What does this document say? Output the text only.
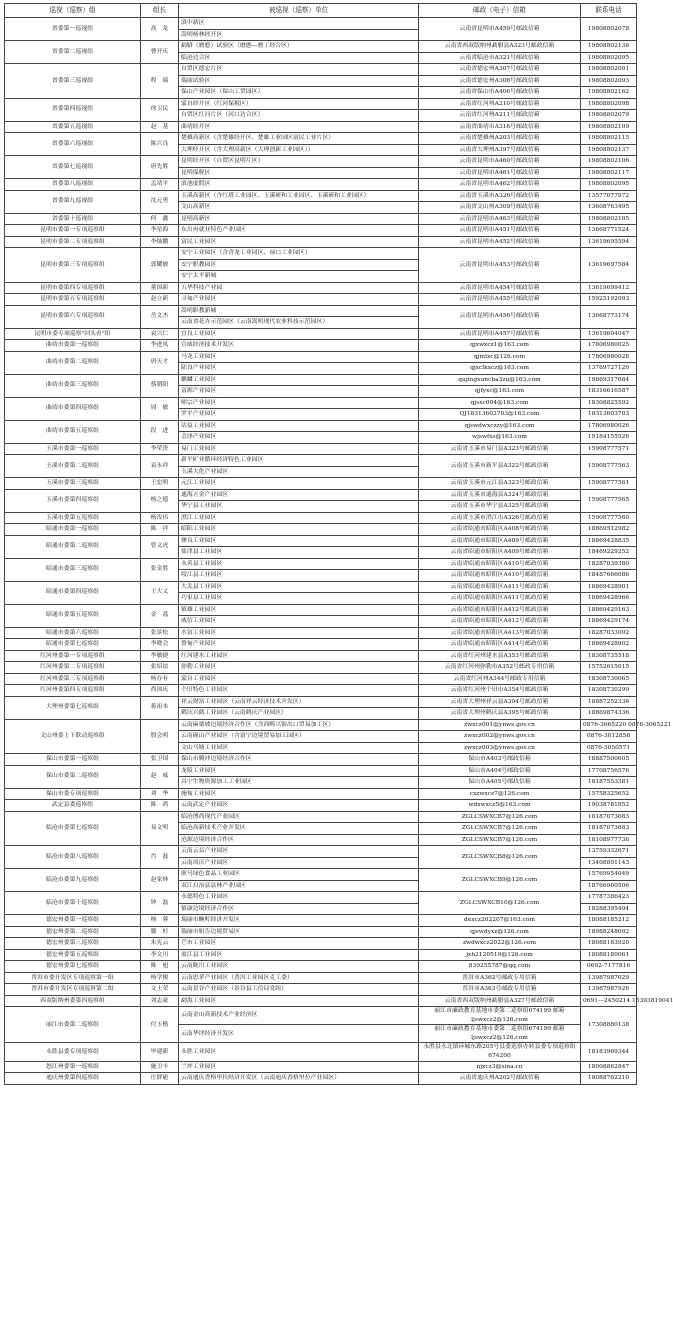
巡视（巡察）组	组长	被巡视（巡察）单位	邮政（电子）信箱	联系电话
省委第一巡视组	高　龙	滇中新区	云南省昆明市A459号邮政信箱	19808802078
		嵩明杨林经开区		
省委第二巡视组	曹开庆	勐腊（磨憨）试验区（磨憨—磨丁经合区）	云南省西双版纳州勐腊县A323号邮政信箱	19808802138
		临沧边合区	云南省临沧市A321号邮政信箱	19808802095
省委第三巡视组	程　瑞	自贸区德宏片区	云南省德宏州A307号邮政信箱	19808802091
		瑞丽试验区	云南省德宏州A308号邮政信箱	19808802093
		保山产业园区（保山工贸园区）	云南省保山市A406号邮政信箱	19808802162
省委第四巡视组	徐卫民	蒙自经开区（红河保税区）	云南省红河州A210号邮政信箱	19808802098
		自贸区红河片区（河口边合区）	云南省红河州A211号邮政信箱	19808802079
省委第五巡视组	赵　基	曲靖经开区	云南省曲靖市A316号邮政信箱	19808802109
省委第六巡视组	陈兴良	楚雄高新区（含楚雄经开区、楚雄工业园区富民工业片区）	云南省楚雄州A203号邮政信箱	19808802115
		大理经开区（含大理高新区（大理创新工业园区））	云南省大理州A397号邮政信箱	19808802137
省委第七巡视组	唐先胜	昆明经开区（自贸区昆明片区）	云南省昆明市A460号邮政信箱	19808802106
		昆明保税区	云南省昆明市A461号邮政信箱	19808802117
省委第八巡视组	孟靖平	滇池度假区	云南省昆明市A462号邮政信箱	19808802095
省委第九巡视组	沈元勇	玉溪高新区（含红塔工业园区、玉溪研和工业园区、玉溪研和工业园区）	云南省玉溪市A326号邮政信箱	13577077972
		文山高新区	云南省文山州A309号邮政信箱	13608763495
省委第十巡视组	何　鑫	昆明高新区	云南省昆明市A463号邮政信箱	19808802105
昆明市委第一专项巡察组	李星海	东川再就业特色产业园区	云南省昆明市A451号邮政信箱	13668771524
昆明市委第二专项巡察组	李灿鹏	富民工业园区	云南省昆明市A452号邮政信箱	13619695594
昆明市委第三专项巡察组	郭耀敏	安宁工业园区（含青龙工业园区、禄口工业园区）	云南省昆明市A453号邮政信箱	13619697584
		安宁职教园区		
		安宁太平新城		
昆明市委第四专项巡察组	董国新	五华科技产业园	云南省昆明市A454号邮政信箱	13619699412
昆明市委第五专项巡察组	赵立新	寻甸产业园区	云南省昆明市A455号邮政信箱	15925192093
昆明市委第六专项巡察组	岳文杰	嵩明职教新城	云南省昆明市A456号邮政信箱	13668773174
		云南省花卉示范园区（云南嵩明现代农业科技示范园区）		
昆明市委专项巡察"回头看"组	袁兴仁	宜良工业园区	云南省昆明市A457号邮政信箱	13619694047
曲靖市委第一巡察组	李进凤	宣威经济技术开发区	qjxwxcz1@163.com	17806980025
曲靖市委第二巡察组	唐天才	马龙工业园区	qjmlxc@126.com	17806980028
		陆良产业园区	qjxclkxcz@163.com	13769727120
曲靖市委第三巡察组	蔡朝阳	麒麟工业园区	qujingxuncha3zu@163.com	19869317684
		富源产业园区	qjfyxc@163.com	18316616587
曲靖市委第四巡察组	周　敏	师宗产业园区	qjsxc004@163.com	18308825592
		罗平产业园区	QJ18313603703@163.com	18313603703
曲靖市委第五巡察组	段　进	沾益工业园区	qjswdwxczzy@163.com	17806980026
		会泽产业园区	wjswfxs@163.com	19184155526
玉溪市委第一巡察组	李荣贵	易门工业园区	云南省玉溪市易门县A323号邮政信箱	15908777571
玉溪市委第二巡察组	袁永祥	新平矿业循环经济特色工业园区	云南省玉溪市新平县A322号邮政信箱	15908777563
		玉溪大化产业园区		
玉溪市委第三巡察组	王宏明	元江工业园区	云南省玉溪市元江县A323号邮政信箱	15908777561
玉溪市委第四巡察组	杨之德	通海五金产业园区	云南省玉溪市通海县A324号邮政信箱	15908777565
		华宁县工业园区	云南省玉溪市华宁县A325号邮政信箱	
玉溪市委第五巡察组	杨汝伟	澄江工业园区	云南省玉溪市澄江市A326号邮政信箱	15908777560
昭通市委第一巡察组	陈　祥	昭阳工业园区	云南省昭通市昭阳区A408号邮政信箱	18869512982
昭通市委第二巡察组	曾义虎	彝良工业园区	云南省昭通市昭阳区A409号邮政信箱	18869428835
		盐津县工业园区	云南省昭通市昭阳区A409号邮政信箱	18469229252
昭通市委第三巡察组	张金胜	永善县工业园区	云南省昭通市昭阳区A410号邮政信箱	18287039380
		绥江县工业园区	云南省昭通市昭阳区A410号邮政信箱	18487666086
昭通市委第四巡察组	王大义	大关县工业园区	云南省昭通市昭阳区A411号邮政信箱	18869428901
		巧家县工业园区	云南省昭通市昭阳区A411号邮政信箱	18869428966
昭通市委第五巡察组	金　荔	镇雄工业园区	云南省昭通市昭阳区A412号邮政信箱	18869429163
		威信工业园区	云南省昭通市昭阳区A412号邮政信箱	18869429174
昭通市委第六巡察组	张景松	水富工业园区	云南省昭通市昭阳区A413号邮政信箱	18287033092
昭通市委第七巡察组	李晓会	鲁甸产业园区	云南省昭通市昭阳区A414号邮政信箱	18869428902
红河州委第一专项巡察组	李敏捷	红河建水工业园区	云南省红河州建水县A353号邮政信箱	18308735518
红河州委第二专项巡察组	张绍谊	弥勒工业园区	云南省红河州弥勒市A352号邮政专用信箱	15752615015
红河州委第三专项巡察组	杨存有	蒙自工业园区	云南省红河州A344号邮政专用信箱	18308730065
红河州委第四专项巡察组	尚国庆	个旧特色工业园区	云南省红河州个旧市A354号邮政信箱	18308730299
大理州委第七巡察组	蒋祖本	祥云财富工业园区（云南祥云经济技术开发区）	云南省大理州祥云县A394号邮政信箱	18887252336
		鹤庆兴鹤工业园区（云南鹤庆产业园区）	云南省大理州鹤庆县A395号邮政信箱	18869874336
文山州委上下联动巡察组	殷会明	云南麻栗坡边境经济合作区（含西畴兴街出口贸易加工区）	zwxcz001@ynws.gov.cn	0876-3065220 0876-3065221
		云南砚山产业园区（含富宁边境贸易加工园区）	zwxcz002@ynws.gov.cn	0876-3012858
		文山马塘工业园区	zwxcz003@ynws.gov.cn	0876-3050571
保山市委第一巡察组	张卫国	保山市腾冲边境经济合作区	保山市A403号邮政信箱	18887500605
保山市委第二巡察组	赵　威	龙陵工业园区	保山市A404号邮政信箱	17708756576
		昌宁生物资源加工工业园区	保山市A405号邮政信箱	18187553381
保山市委专项巡察组	刘　华	施甸工业园区	cxzwxcz7@126.com	15758325652
武定县委巡察组	陈　鸿	云南武定产业园区	wdxwxcz5@163.com	19038781852
临沧市委第七巡察组	易文明	临沧博尚现代产业园区	ZGLCSWXCB7@126.com	18187073683
		临沧高新技术产业开发区	ZGLCSWXCB7@126.com	18187073683
		沧源边境经济合作区	ZGLCSWXCB7@126.com	18108977736
临沧市委第八巡察组	肖　磊	云南云县产业园区	ZGLCSWXCB8@126.com	13759332671
		云南凤庆产业园区		13408891143
临沧市委第九巡察组	赵家林	耿马绿色食品工业园区	ZGLCSWXCB9@126.com	15769954049
		双江自治县县林产业园区		18766960506
临沧市委第十巡察组	钟　磊	永德特色工业园区	ZGLCSWXCB10@126.com	17787386423
		镇康边境经济合作区		18288395494
德宏州委第一巡察组	杨　蓉	瑞丽市畹町经济开发区	dexcz202207@163.com	18088185212
德宏州委第二巡察组	滕　杉	瑞丽市姐告边境贸易区	qjswdyxz@126.com	18988248092
德宏州委第三巡察组	朱宪云	芒市工业园区	zwdwxcz2022@126.com	18088163920
德宏州委第五巡察组	李文川	盈江县工业园区	jxh2120519@126.com	18088180061
德宏州委第七巡察组	陈　旭	云南陇川工业园区	839255787@qq.com	0692-7177816
普洱市委开发区专项巡察第一组	杨学俊	云南思茅产业园区（普洱工业园区克工委）	普洱市A362号邮政专用信箱	13987987029
普洱市委开发区专项巡察第二组	文上荣	云南景谷产业园区（景谷县工信局党组）	普洱市A363号邮政专用信箱	13987987926
西双版纳州委第四巡察组	刘志豪	勐海工业园区	云南省西双版纳州勐腊县A327号邮政信箱	0691—2450214 15393819041
丽江市委第二巡察组	付玉楷	云南金山高新技术产业经济区	丽江市廉政教育基地市委第二巡察组674199 邮箱ljswxcz2@126.com	17308880138
		云南华坪经济开发区	丽江市廉政教育基地市委第二巡察组674199 邮箱ljswxcz2@126.com	
永胜县委专项巡察组	毕建新	永胜工业园区	永胜县永北镇环城东路205号县委巡察办转县委专项巡察组674200	18183969344
怒江州委第一巡察组	施卫丰	兰坪工业园区	njxcz3@sina.cn	18008862847
迪庆州委第四巡察组	庄群能	云南迪庆香格里拉经济开发区（云南迪庆香格里拉产业园区）	云南省迪庆州A202号邮政信箱	18088762210
